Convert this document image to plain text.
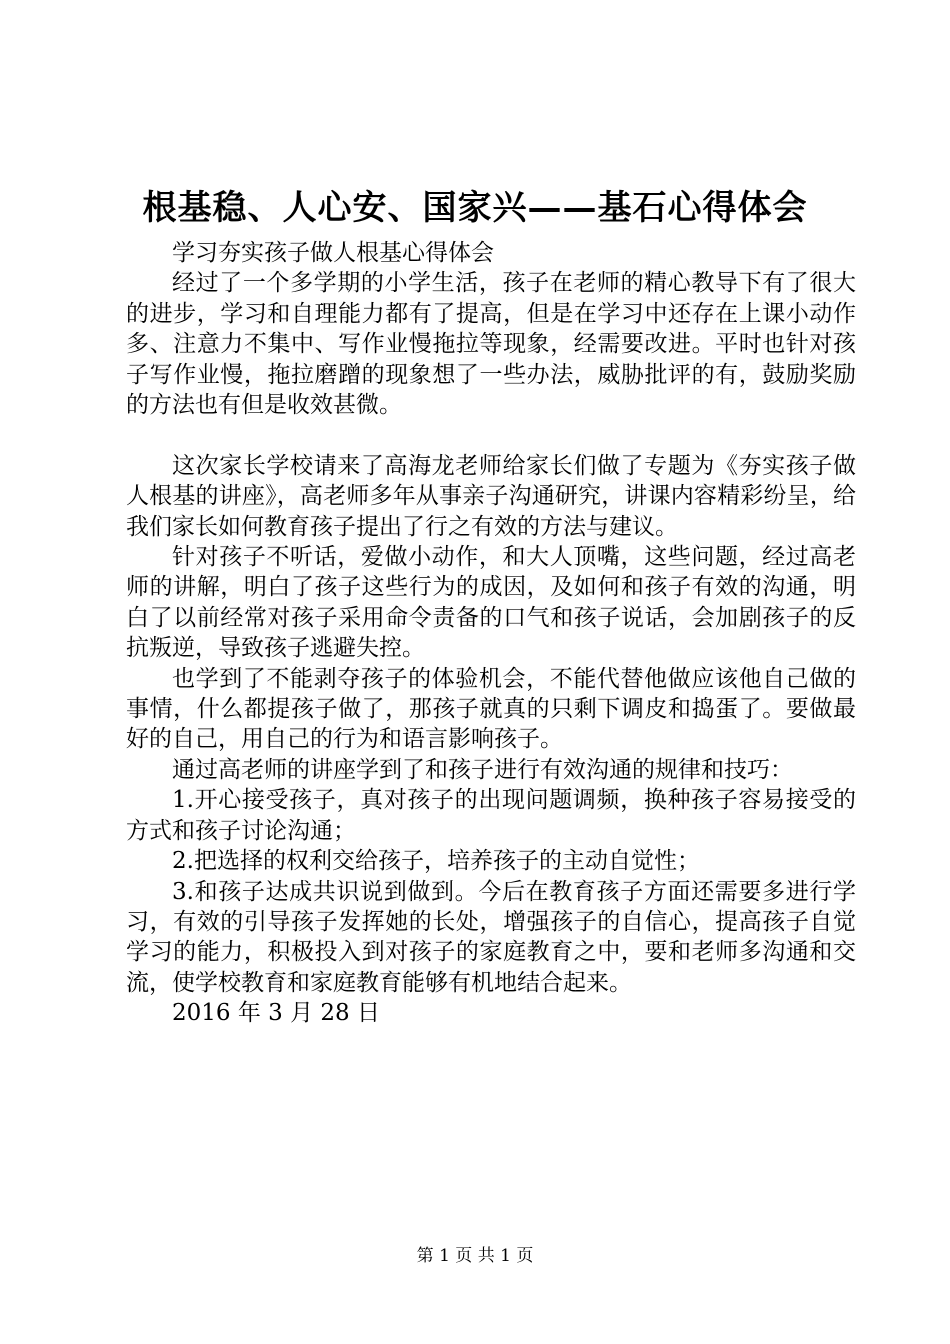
根基稳、人心安、国家兴——基石心得体会

学习夯实孩子做人根基心得体会

经过了一个多学期的小学生活，孩子在老师的精心教导下有了很大的进步，学习和自理能力都有了提高，但是在学习中还存在上课小动作多、注意力不集中、写作业慢拖拉等现象，经需要改进。平时也针对孩子写作业慢，拖拉磨蹭的现象想了一些办法，威胁批评的有，鼓励奖励的方法也有但是收效甚微。

这次家长学校请来了高海龙老师给家长们做了专题为《夯实孩子做人根基的讲座》，高老师多年从事亲子沟通研究，讲课内容精彩纷呈，给我们家长如何教育孩子提出了行之有效的方法与建议。

针对孩子不听话，爱做小动作，和大人顶嘴，这些问题，经过高老师的讲解，明白了孩子这些行为的成因，及如何和孩子有效的沟通，明白了以前经常对孩子采用命令责备的口气和孩子说话，会加剧孩子的反抗叛逆，导致孩子逃避失控。

也学到了不能剥夺孩子的体验机会，不能代替他做应该他自己做的事情，什么都提孩子做了，那孩子就真的只剩下调皮和捣蛋了。要做最好的自己，用自己的行为和语言影响孩子。

通过高老师的讲座学到了和孩子进行有效沟通的规律和技巧：

1.开心接受孩子，真对孩子的出现问题调频，换种孩子容易接受的方式和孩子讨论沟通；

2.把选择的权利交给孩子，培养孩子的主动自觉性；

3.和孩子达成共识说到做到。今后在教育孩子方面还需要多进行学习，有效的引导孩子发挥她的长处，增强孩子的自信心，提高孩子自觉学习的能力，积极投入到对孩子的家庭教育之中，要和老师多沟通和交流，使学校教育和家庭教育能够有机地结合起来。

2016 年 3 月 28 日

第 1 页 共 1 页
